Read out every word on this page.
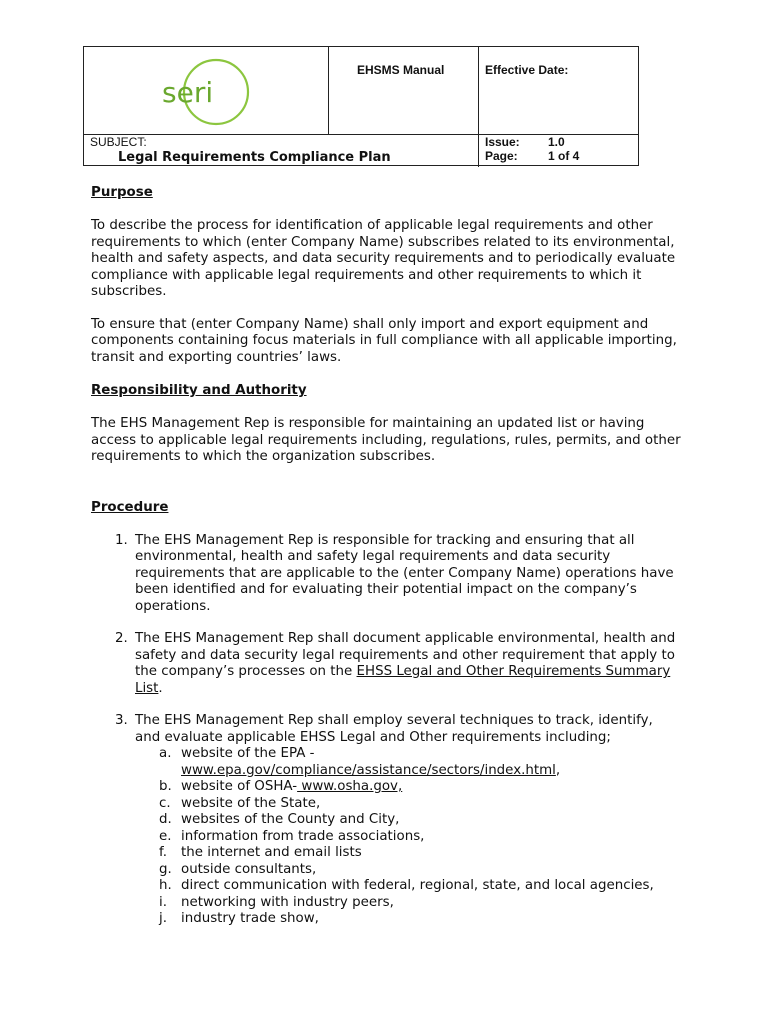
seri
EHSMS Manual	Effective Date:
SUBJECT:
Legal Requirements Compliance Plan
Issue: 1.0
Page:	1 of 4
Purpose

To describe the process for identification of applicable legal requirements and other requirements to which (enter Company Name) subscribes related to its environmental, health and safety aspects, and data security requirements and to periodically evaluate compliance with applicable legal requirements and other requirements to which it subscribes.

To ensure that (enter Company Name) shall only import and export equipment and components containing focus materials in full compliance with all applicable importing, transit and exporting countries’ laws.

Responsibility and Authority

The EHS Management Rep is responsible for maintaining an updated list or having access to applicable legal requirements including, regulations, rules, permits, and other requirements to which the organization subscribes.

Procedure
1. The EHS Management Rep is responsible for tracking and ensuring that all environmental, health and safety legal requirements and data security requirements that are applicable to the (enter Company Name) operations have been identified and for evaluating their potential impact on the company’s operations.
2. The EHS Management Rep shall document applicable environmental, health and safety and data security legal requirements and other requirement that apply to the company’s processes on the EHSS Legal and Other Requirements Summary List.
3. The EHS Management Rep shall employ several techniques to track, identify, and evaluate applicable EHSS Legal and Other requirements including;
a. website of the EPA -
www.epa.gov/compliance/assistance/sectors/index.html,
b. website of OSHA- www.osha.gov,
c. website of the State,
d. websites of the County and City,
e. information from trade associations,
f.	the internet and email lists
g. outside consultants,
h. direct communication with federal, regional, state, and local agencies,
i.	networking with industry peers,
j.	industry trade show,
